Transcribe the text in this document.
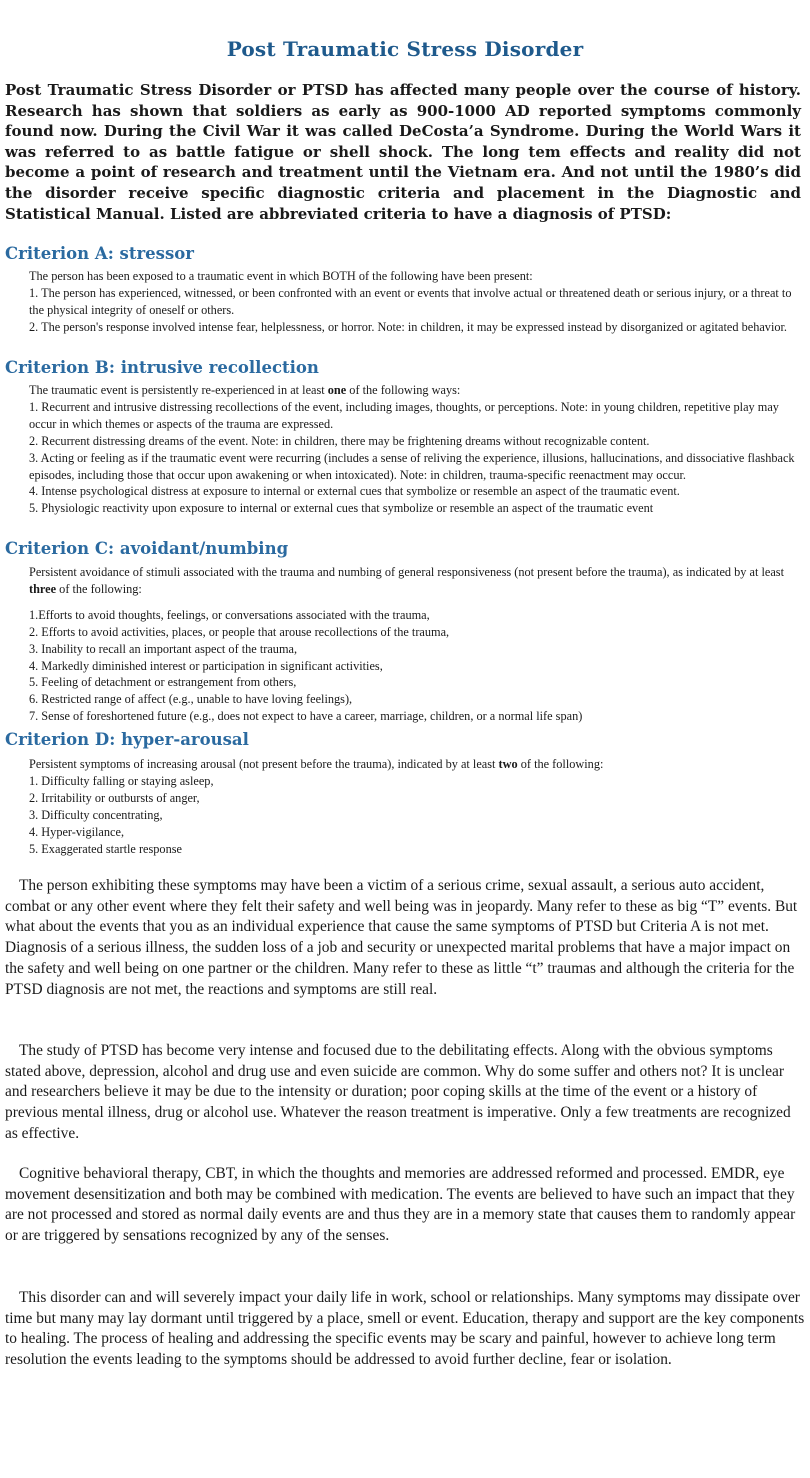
Post Traumatic Stress Disorder

Post Traumatic Stress Disorder or PTSD has affected many people over the course of history. Research has shown that soldiers as early as 900-1000 AD reported symptoms commonly found now. During the Civil War it was called DeCosta’a Syndrome. During the World Wars it was referred to as battle fatigue or shell shock. The long tem effects and reality did not become a point of research and treatment until the Vietnam era. And not until the 1980’s did the disorder receive specific diagnostic criteria and placement in the Diagnostic and Statistical Manual. Listed are abbreviated criteria to have a diagnosis of PTSD:

Criterion A: stressor

The person has been exposed to a traumatic event in which BOTH of the following have been present:

1. The person has experienced, witnessed, or been confronted with an event or events that involve actual or threatened death or serious injury, or a threat to the physical integrity of oneself or others.

2. The person's response involved intense fear, helplessness, or horror. Note: in children, it may be expressed instead by disorganized or agitated behavior.

Criterion B: intrusive recollection

The traumatic event is persistently re-experienced in at least one of the following ways:

1. Recurrent and intrusive distressing recollections of the event, including images, thoughts, or perceptions. Note: in young children, repetitive play may occur in which themes or aspects of the trauma are expressed.

2. Recurrent distressing dreams of the event. Note: in children, there may be frightening dreams without recognizable content.

3. Acting or feeling as if the traumatic event were recurring (includes a sense of reliving the experience, illusions, hallucinations, and dissociative flashback episodes, including those that occur upon awakening or when intoxicated). Note: in children, trauma-specific reenactment may occur.

4. Intense psychological distress at exposure to internal or external cues that symbolize or resemble an aspect of the traumatic event.

5. Physiologic reactivity upon exposure to internal or external cues that symbolize or resemble an aspect of the traumatic event

Criterion C: avoidant/numbing

Persistent avoidance of stimuli associated with the trauma and numbing of general responsiveness (not present before the trauma), as indicated by at least three of the following:

1.Efforts to avoid thoughts, feelings, or conversations associated with the trauma,

2. Efforts to avoid activities, places, or people that arouse recollections of the trauma,

3. Inability to recall an important aspect of the trauma,

4. Markedly diminished interest or participation in significant activities,

5. Feeling of detachment or estrangement from others,

6. Restricted range of affect (e.g., unable to have loving feelings),

7. Sense of foreshortened future (e.g., does not expect to have a career, marriage, children, or a normal life span)

Criterion D: hyper-arousal

Persistent symptoms of increasing arousal (not present before the trauma), indicated by at least two of the following:

1. Difficulty falling or staying asleep,

2. Irritability or outbursts of anger,

3. Difficulty concentrating,

4. Hyper-vigilance,

5. Exaggerated startle response

The person exhibiting these symptoms may have been a victim of a serious crime, sexual assault, a serious auto accident, combat or any other event where they felt their safety and well being was in jeopardy. Many refer to these as big “T” events. But what about the events that you as an individual experience that cause the same symptoms of PTSD but Criteria A is not met. Diagnosis of a serious illness, the sudden loss of a job and security or unexpected marital problems that have a major impact on the safety and well being on one partner or the children. Many refer to these as little “t” traumas and although the criteria for the PTSD diagnosis are not met, the reactions and symptoms are still real.

The study of PTSD has become very intense and focused due to the debilitating effects. Along with the obvious symptoms stated above, depression, alcohol and drug use and even suicide are common. Why do some suffer and others not? It is unclear and researchers believe it may be due to the intensity or duration; poor coping skills at the time of the event or a history of previous mental illness, drug or alcohol use. Whatever the reason treatment is imperative. Only a few treatments are recognized as effective.

Cognitive behavioral therapy, CBT, in which the thoughts and memories are addressed reformed and processed. EMDR, eye movement desensitization and both may be combined with medication. The events are believed to have such an impact that they are not processed and stored as normal daily events are and thus they are in a memory state that causes them to randomly appear or are triggered by sensations recognized by any of the senses.

This disorder can and will severely impact your daily life in work, school or relationships. Many symptoms may dissipate over time but many may lay dormant until triggered by a place, smell or event. Education, therapy and support are the key components to healing. The process of healing and addressing the specific events may be scary and painful, however to achieve long term resolution the events leading to the symptoms should be addressed to avoid further decline, fear or isolation.
